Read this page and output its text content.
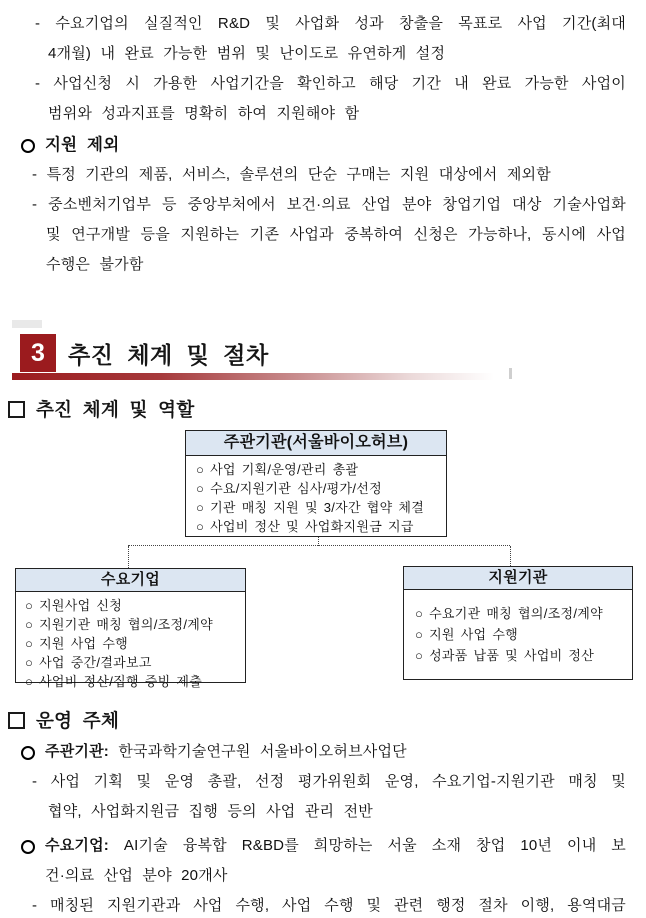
- 수요기업의 실질적인 R&D 및 사업화 성과 창출을 목표로 사업 기간(최대
4개월) 내 완료 가능한 범위 및 난이도로 유연하게 설정
- 사업신청 시 가용한 사업기간을 확인하고 해당 기간 내 완료 가능한 사업이
범위와 성과지표를 명확히 하여 지원해야 함
지원 제외
- 특정 기관의 제품, 서비스, 솔루션의 단순 구매는 지원 대상에서 제외함
- 중소벤처기업부 등 중앙부처에서 보건·의료 산업 분야 창업기업 대상 기술사업화
및 연구개발 등을 지원하는 기존 사업과 중복하여 신청은 가능하나, 동시에 사업
수행은 불가함
3	추진 체계 및 절차
추진 체계 및 역할
주관기관(서울바이오허브)
○ 사업 기획/운영/관리 총괄
○ 수요/지원기관 심사/평가/선정
○ 기관 매칭 지원 및 3/자간 협약 체결
○ 사업비 정산 및 사업화지원금 지급
수요기업
○ 지원사업 신청
○ 지원기관 매칭 협의/조정/계약
○ 지원 사업 수행
○ 사업 중간/결과보고
○ 사업비 정산/집행 증빙 제출
지원기관
○ 수요기관 매칭 협의/조정/계약
○ 지원 사업 수행
○ 성과품 납품 및 사업비 정산
운영 주체
주관기관: 한국과학기술연구원 서울바이오허브사업단
- 사업 기획 및 운영 총괄, 선정 평가위원회 운영, 수요기업-지원기관 매칭 및
협약, 사업화지원금 집행 등의 사업 관리 전반
수요기업: AI기술 융복합 R&BD를 희망하는 서울 소재 창업 10년 이내 보
건·의료 산업 분야 20개사
- 매칭된 지원기관과 사업 수행, 사업 수행 및 관련 행정 절차 이행, 용역대금
